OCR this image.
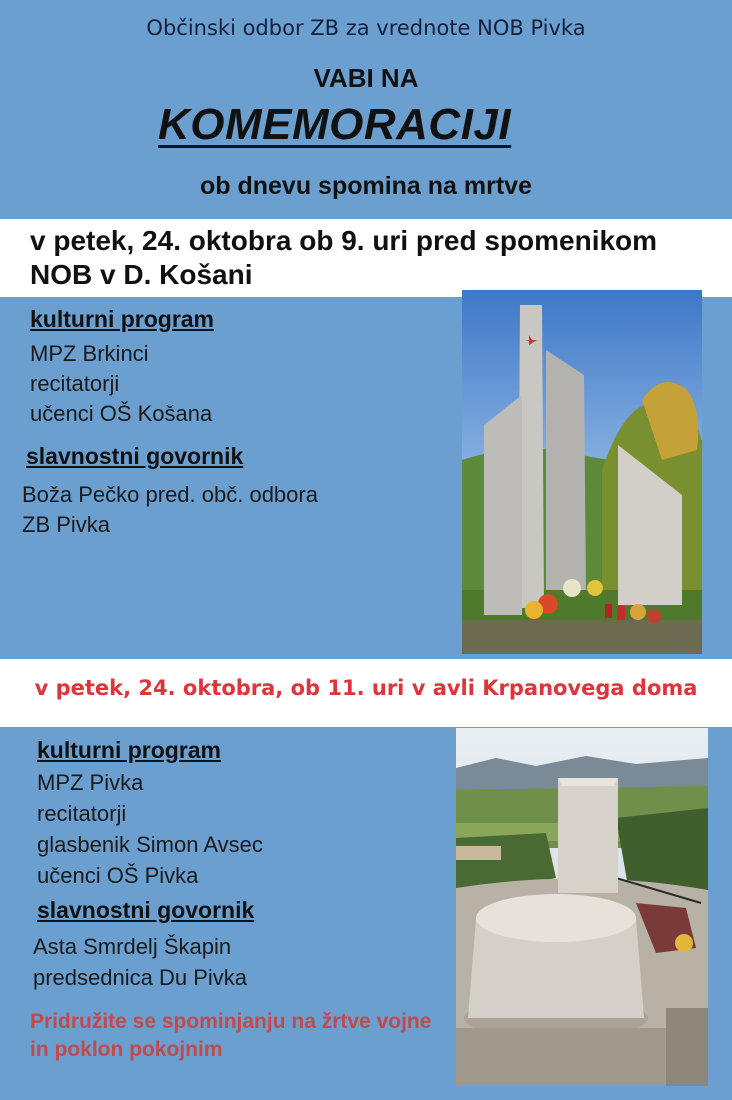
Občinski odbor ZB za vrednote NOB Pivka
VABI NA
KOMEMORACIJI
ob dnevu spomina na mrtve
v petek, 24. oktobra ob 9. uri pred spomenikom NOB v D. Košani
kulturni program
MPZ Brkinci
recitatorji
učenci OŠ Košana
slavnostni govornik
Boža Pečko pred. obč. odbora
ZB Pivka
v petek, 24. oktobra, ob 11. uri v avli Krpanovega doma
kulturni program
MPZ Pivka
recitatorji
glasbenik Simon Avsec
učenci OŠ Pivka
slavnostni govornik
Asta Smrdelj Škapin
predsednica Du Pivka
Pridružite se spominjanju na žrtve vojne in poklon pokojnim
